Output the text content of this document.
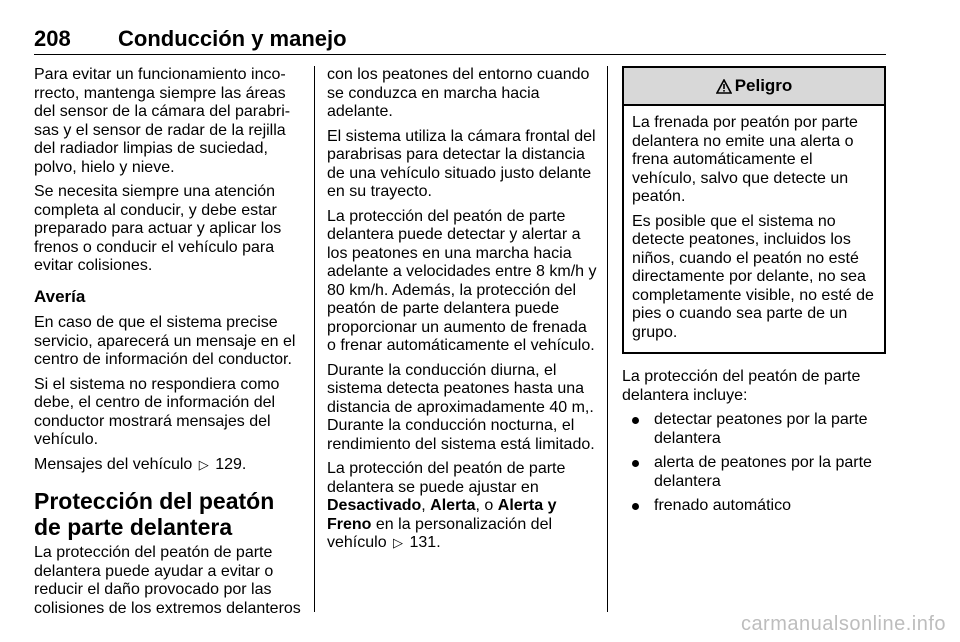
208 Conducción y manejo

Para evitar un funcionamiento inco-rrecto, mantenga siempre las áreas del sensor de la cámara del parabri-sas y el sensor de radar de la rejilla del radiador limpias de suciedad, polvo, hielo y nieve.

Se necesita siempre una atención completa al conducir, y debe estar preparado para actuar y aplicar los frenos o conducir el vehículo para evitar colisiones.

Avería

En caso de que el sistema precise servicio, aparecerá un mensaje en el centro de información del conductor.

Si el sistema no respondiera como debe, el centro de información del conductor mostrará mensajes del vehículo.

Mensajes del vehículo ▷ 129.

Protección del peatón de parte delantera

La protección del peatón de parte delantera puede ayudar a evitar o reducir el daño provocado por las colisiones de los extremos delanteros

con los peatones del entorno cuando se conduzca en marcha hacia adelante.

El sistema utiliza la cámara frontal del parabrisas para detectar la distancia de una vehículo situado justo delante en su trayecto.

La protección del peatón de parte delantera puede detectar y alertar a los peatones en una marcha hacia adelante a velocidades entre 8 km/h y 80 km/h. Además, la protección del peatón de parte delantera puede proporcionar un aumento de frenada o frenar automáticamente el vehículo.

Durante la conducción diurna, el sistema detecta peatones hasta una distancia de aproximadamente 40 m,. Durante la conducción nocturna, el rendimiento del sistema está limitado.

La protección del peatón de parte delantera se puede ajustar en Desactivado, Alerta, o Alerta y Freno en la personalización del vehículo ▷ 131.

Peligro

La frenada por peatón por parte delantera no emite una alerta o frena automáticamente el vehículo, salvo que detecte un peatón.

Es posible que el sistema no detecte peatones, incluidos los niños, cuando el peatón no esté directamente por delante, no sea completamente visible, no esté de pies o cuando sea parte de un grupo.

La protección del peatón de parte delantera incluye:

detectar peatones por la parte delantera
alerta de peatones por la parte delantera
frenado automático
carmanualsonline.info
